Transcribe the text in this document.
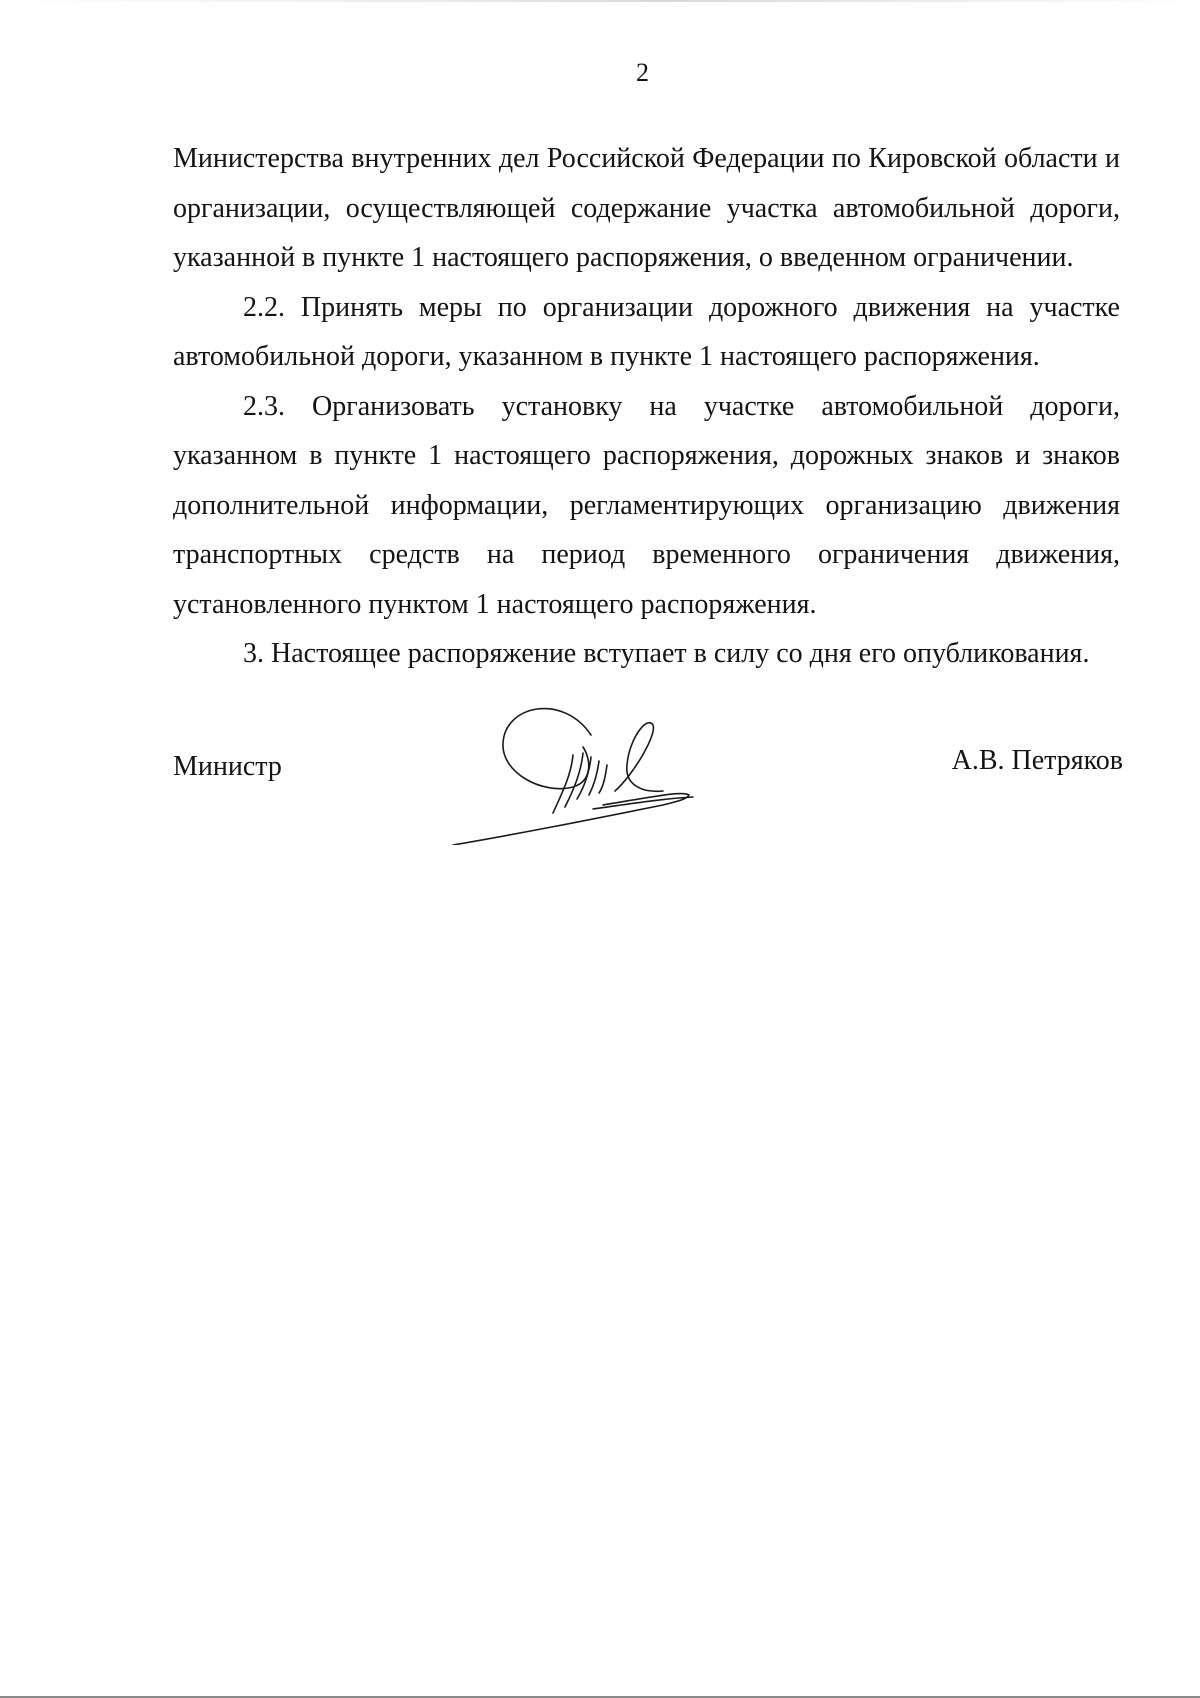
2

Министерства внутренних дел Российской Федерации по Кировской области и организации, осуществляющей содержание участка автомобильной дороги, указанной в пункте 1 настоящего распоряжения, о введенном ограничении.

2.2. Принять меры по организации дорожного движения на участке автомобильной дороги, указанном в пункте 1 настоящего распоряжения.

2.3. Организовать установку на участке автомобильной дороги, указанном в пункте 1 настоящего распоряжения, дорожных знаков и знаков дополнительной информации, регламентирующих организацию движения транспортных средств на период временного ограничения движения, установленного пунктом 1 настоящего распоряжения.

3. Настоящее распоряжение вступает в силу со дня его опубликования.

Министр	А.В. Петряков
